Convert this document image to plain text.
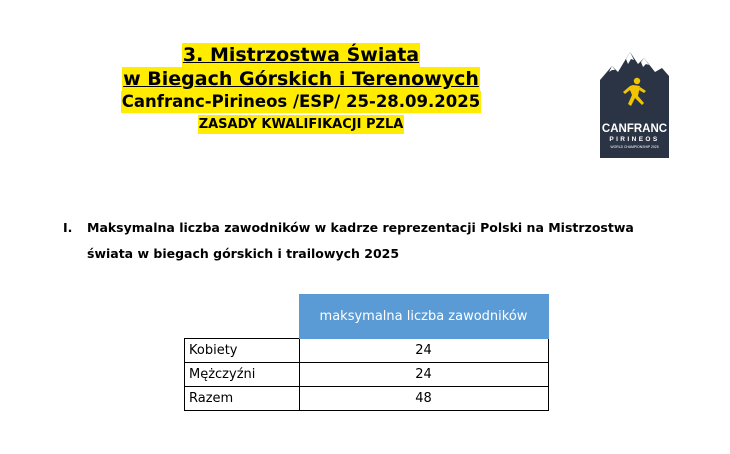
3. Mistrzostwa Świata
w Biegach Górskich i Terenowych
Canfranc-Pirineos /ESP/ 25-28.09.2025
ZASADY KWALIFIKACJI PZLA	CANFRANC
PIRINEOS
WORLD CHAMPIONSHIP 2025
I. Maksymalna liczba zawodników w kadrze reprezentacji Polski na Mistrzostwa świata w biegach górskich i trailowych 2025
	maksymalna liczba zawodników
Kobiety	24
Mężczyźni	24
Razem	48
